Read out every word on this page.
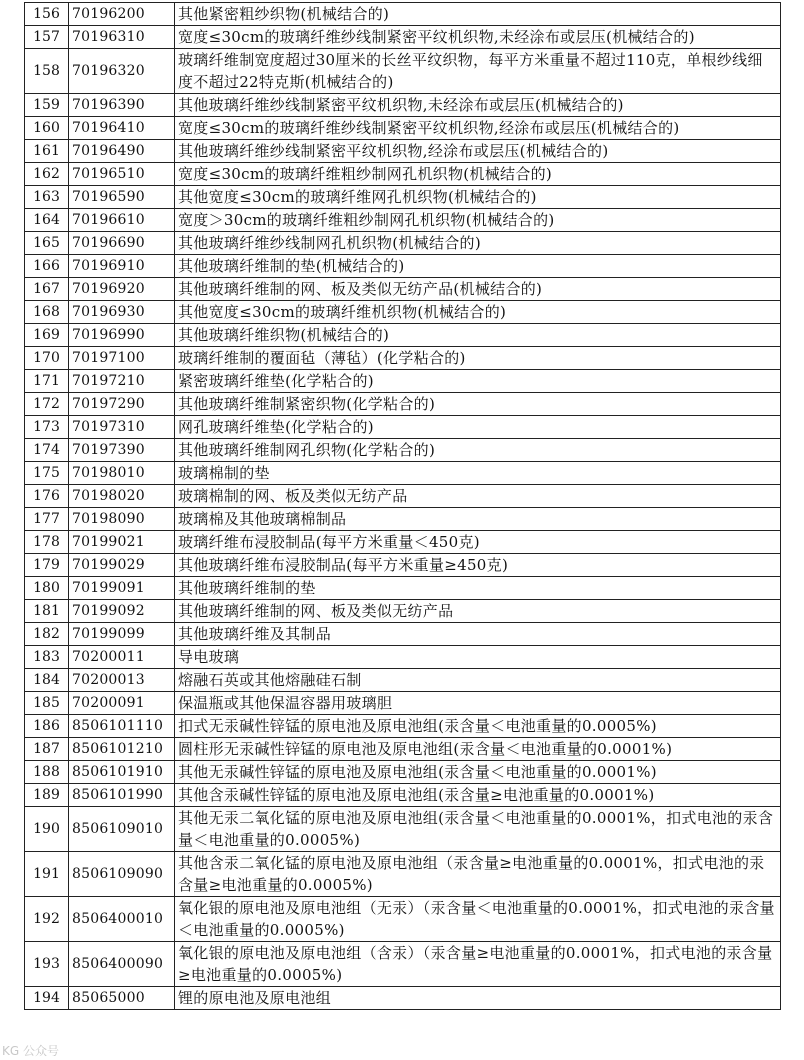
156	70196200	其他紧密粗纱织物(机械结合的)
157	70196310	宽度≤30cm的玻璃纤维纱线制紧密平纹机织物,未经涂布或层压(机械结合的)
158	70196320	玻璃纤维制宽度超过30厘米的长丝平纹织物，每平方米重量不超过110克，单根纱线细度不超过22特克斯(机械结合的)
159	70196390	其他玻璃纤维纱线制紧密平纹机织物,未经涂布或层压(机械结合的)
160	70196410	宽度≤30cm的玻璃纤维纱线制紧密平纹机织物,经涂布或层压(机械结合的)
161	70196490	其他玻璃纤维纱线制紧密平纹机织物,经涂布或层压(机械结合的)
162	70196510	宽度≤30cm的玻璃纤维粗纱制网孔机织物(机械结合的)
163	70196590	其他宽度≤30cm的玻璃纤维网孔机织物(机械结合的)
164	70196610	宽度＞30cm的玻璃纤维粗纱制网孔机织物(机械结合的)
165	70196690	其他玻璃纤维纱线制网孔机织物(机械结合的)
166	70196910	其他玻璃纤维制的垫(机械结合的)
167	70196920	其他玻璃纤维制的网、板及类似无纺产品(机械结合的)
168	70196930	其他宽度≤30cm的玻璃纤维机织物(机械结合的)
169	70196990	其他玻璃纤维织物(机械结合的)
170	70197100	玻璃纤维制的覆面毡（薄毡）(化学粘合的)
171	70197210	紧密玻璃纤维垫(化学粘合的)
172	70197290	其他玻璃纤维制紧密织物(化学粘合的)
173	70197310	网孔玻璃纤维垫(化学粘合的)
174	70197390	其他玻璃纤维制网孔织物(化学粘合的)
175	70198010	玻璃棉制的垫
176	70198020	玻璃棉制的网、板及类似无纺产品
177	70198090	玻璃棉及其他玻璃棉制品
178	70199021	玻璃纤维布浸胶制品(每平方米重量＜450克)
179	70199029	其他玻璃纤维布浸胶制品(每平方米重量≥450克)
180	70199091	其他玻璃纤维制的垫
181	70199092	其他玻璃纤维制的网、板及类似无纺产品
182	70199099	其他玻璃纤维及其制品
183	70200011	导电玻璃
184	70200013	熔融石英或其他熔融硅石制
185	70200091	保温瓶或其他保温容器用玻璃胆
186	8506101110	扣式无汞碱性锌锰的原电池及原电池组(汞含量＜电池重量的0.0005%)
187	8506101210	圆柱形无汞碱性锌锰的原电池及原电池组(汞含量＜电池重量的0.0001%)
188	8506101910	其他无汞碱性锌锰的原电池及原电池组(汞含量＜电池重量的0.0001%)
189	8506101990	其他含汞碱性锌锰的原电池及原电池组(汞含量≥电池重量的0.0001%)
190	8506109010	其他无汞二氧化锰的原电池及原电池组(汞含量＜电池重量的0.0001%，扣式电池的汞含量＜电池重量的0.0005%)
191	8506109090	其他含汞二氧化锰的原电池及原电池组（汞含量≥电池重量的0.0001%，扣式电池的汞含量≥电池重量的0.0005%)
192	8506400010	氧化银的原电池及原电池组（无汞）（汞含量＜电池重量的0.0001%，扣式电池的汞含量＜电池重量的0.0005%)
193	8506400090	氧化银的原电池及原电池组（含汞）（汞含量≥电池重量的0.0001%，扣式电池的汞含量≥电池重量的0.0005%)
194	85065000	锂的原电池及原电池组
KG 公众号
